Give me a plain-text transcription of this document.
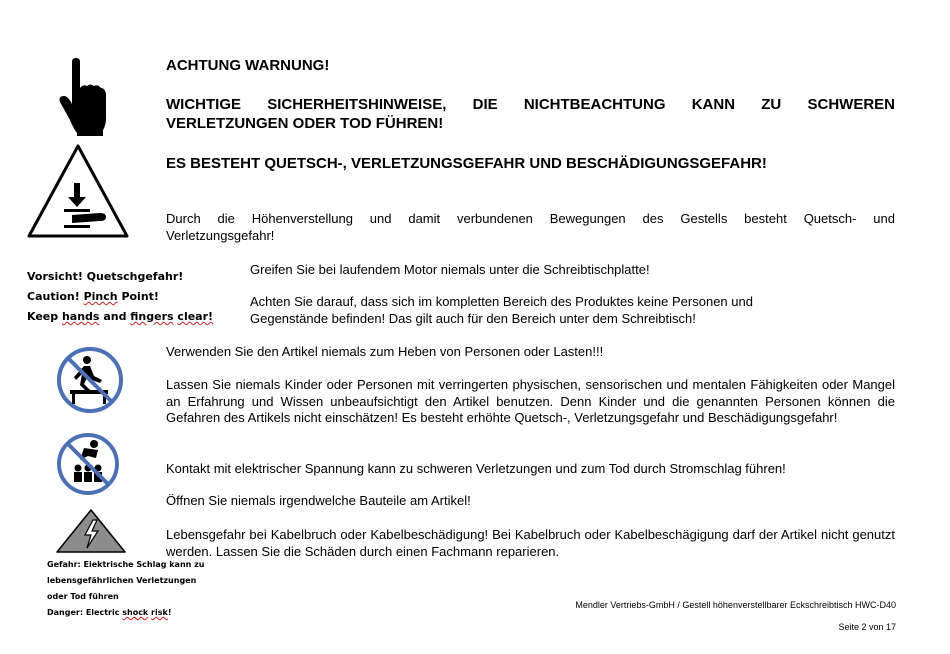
Vorsicht! Quetschgefahr!
Caution! Pinch Point!
Keep hands and fingers clear!
Gefahr: Elektrische Schlag kann zu
lebensgefährlichen Verletzungen
oder Tod führen
Danger: Electric shock risk!
ACHTUNG WARNUNG!
WICHTIGE SICHERHEITSHINWEISE, DIE NICHTBEACHTUNG KANN ZU SCHWEREN
VERLETZUNGEN ODER TOD FÜHREN!
ES BESTEHT QUETSCH-, VERLETZUNGSGEFAHR UND BESCHÄDIGUNGSGEFAHR!
Durch die Höhenverstellung und damit verbundenen Bewegungen des Gestells besteht Quetsch- und
Verletzungsgefahr!
Greifen Sie bei laufendem Motor niemals unter die Schreibtischplatte!
Achten Sie darauf, dass sich im kompletten Bereich des Produktes keine Personen und
Gegenstände befinden! Das gilt auch für den Bereich unter dem Schreibtisch!
Verwenden Sie den Artikel niemals zum Heben von Personen oder Lasten!!!
Lassen Sie niemals Kinder oder Personen mit verringerten physischen, sensorischen und mentalen Fähigkeiten oder Mangel an Erfahrung und Wissen unbeaufsichtigt den Artikel benutzen. Denn Kinder und die genannten Personen können die Gefahren des Artikels nicht einschätzen! Es besteht erhöhte Quetsch-, Verletzungsgefahr und Beschädigungsgefahr!
Kontakt mit elektrischer Spannung kann zu schweren Verletzungen und zum Tod durch Stromschlag führen!
Öffnen Sie niemals irgendwelche Bauteile am Artikel!
Lebensgefahr bei Kabelbruch oder Kabelbeschädigung! Bei Kabelbruch oder Kabelbeschägigung darf der Artikel nicht genutzt werden. Lassen Sie die Schäden durch einen Fachmann reparieren.
Mendler Vertriebs-GmbH / Gestell höhenverstellbarer Eckschreibtisch HWC-D40
Seite 2 von 17
